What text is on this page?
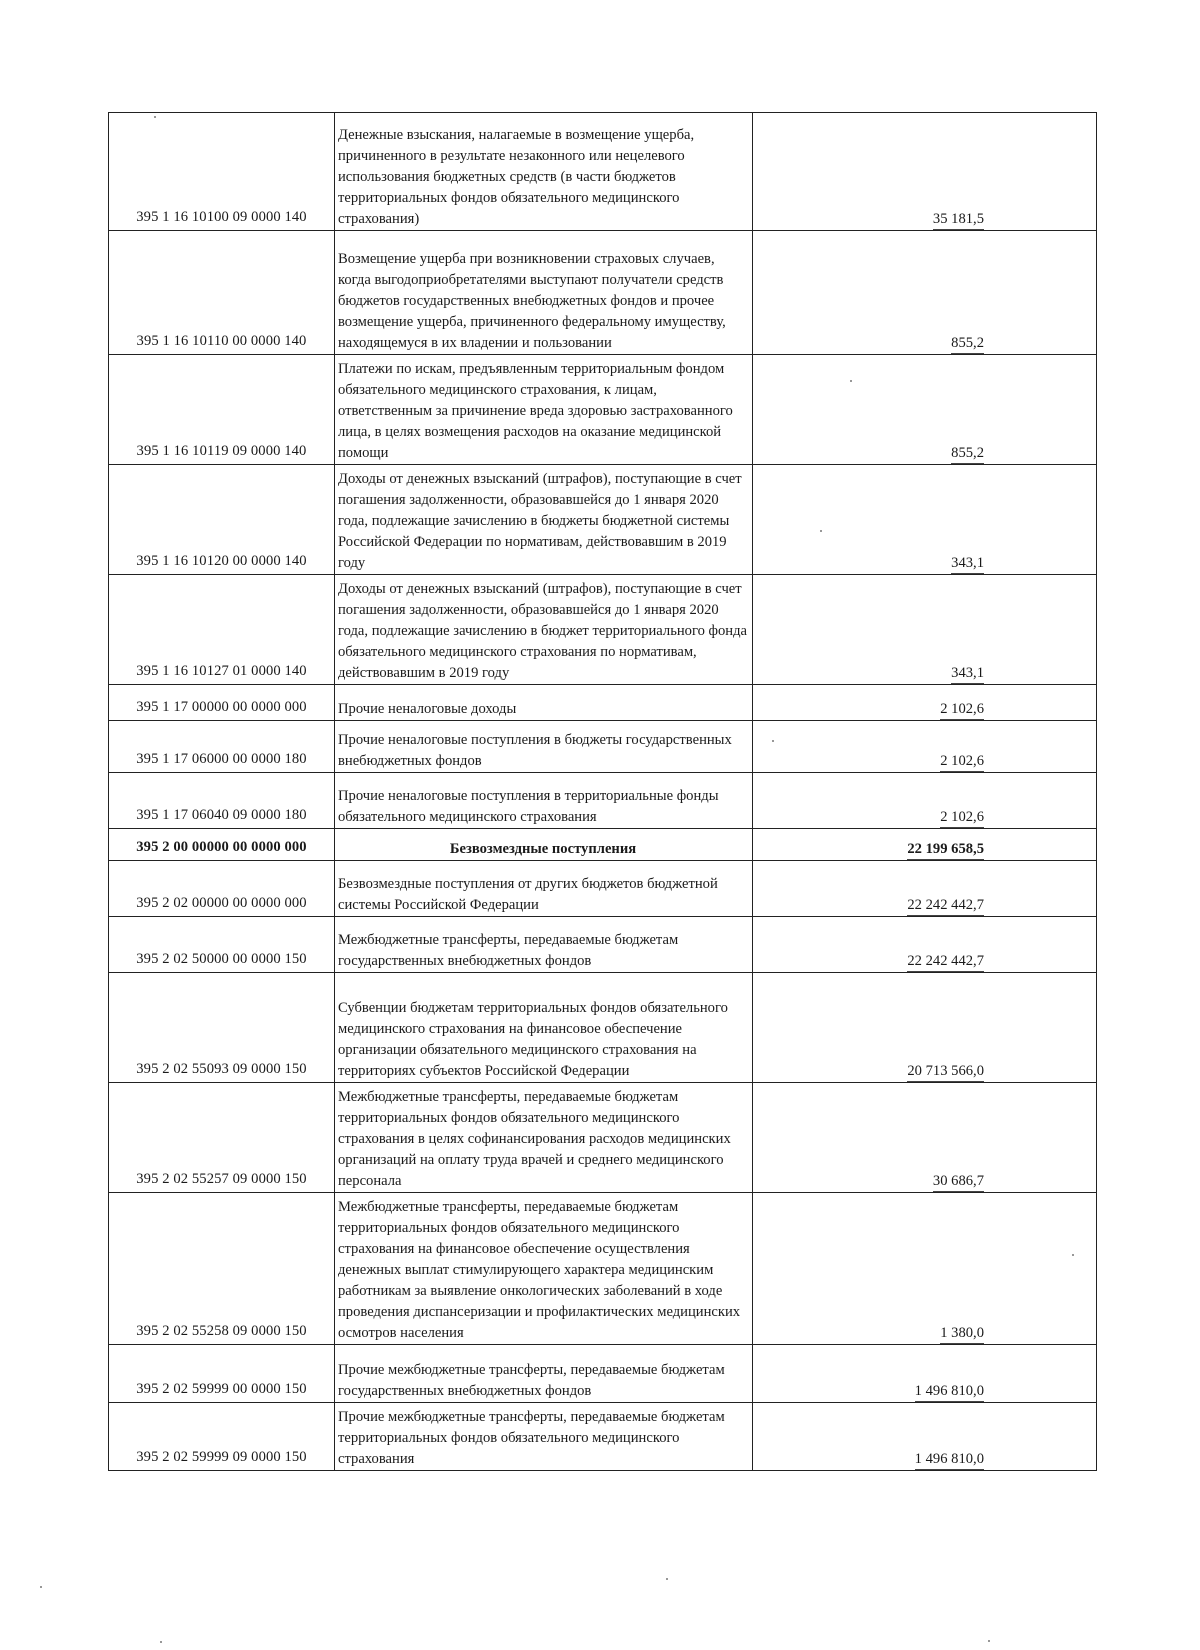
395 1 16 10100 09 0000 140	Денежные взыскания, налагаемые в возмещение ущерба, причиненного в результате незаконного или нецелевого использования бюджетных средств (в части бюджетов территориальных фондов обязательного медицинского страхования)	35 181,5
395 1 16 10110 00 0000 140	Возмещение ущерба при возникновении страховых случаев, когда выгодоприобретателями выступают получатели средств бюджетов государственных внебюджетных фондов и прочее возмещение ущерба, причиненного федеральному имуществу, находящемуся в их владении и пользовании	855,2
395 1 16 10119 09 0000 140	Платежи по искам, предъявленным территориальным фондом обязательного медицинского страхования, к лицам, ответственным за причинение вреда здоровью застрахованного лица, в целях возмещения расходов на оказание медицинской помощи	855,2
395 1 16 10120 00 0000 140	Доходы от денежных взысканий (штрафов), поступающие в счет погашения задолженности, образовавшейся до 1 января 2020 года, подлежащие зачислению в бюджеты бюджетной системы Российской Федерации по нормативам, действовавшим в 2019 году	343,1
395 1 16 10127 01 0000 140	Доходы от денежных взысканий (штрафов), поступающие в счет погашения задолженности, образовавшейся до 1 января 2020 года, подлежащие зачислению в бюджет территориального фонда обязательного медицинского страхования по нормативам, действовавшим в 2019 году	343,1
395 1 17 00000 00 0000 000	Прочие неналоговые доходы	2 102,6
395 1 17 06000 00 0000 180	Прочие неналоговые поступления в бюджеты государственных внебюджетных фондов	2 102,6
395 1 17 06040 09 0000 180	Прочие неналоговые поступления в территориальные фонды обязательного медицинского страхования	2 102,6
395 2 00 00000 00 0000 000	Безвозмездные поступления	22 199 658,5
395 2 02 00000 00 0000 000	Безвозмездные поступления от других бюджетов бюджетной системы Российской Федерации	22 242 442,7
395 2 02 50000 00 0000 150	Межбюджетные трансферты, передаваемые бюджетам государственных внебюджетных фондов	22 242 442,7
395 2 02 55093 09 0000 150	Субвенции бюджетам территориальных фондов обязательного медицинского страхования на финансовое обеспечение организации обязательного медицинского страхования на территориях субъектов Российской Федерации	20 713 566,0
395 2 02 55257 09 0000 150	Межбюджетные трансферты, передаваемые бюджетам территориальных фондов обязательного медицинского страхования в целях софинансирования расходов медицинских организаций на оплату труда врачей и среднего медицинского персонала	30 686,7
395 2 02 55258 09 0000 150	Межбюджетные трансферты, передаваемые бюджетам территориальных фондов обязательного медицинского страхования на финансовое обеспечение осуществления денежных выплат стимулирующего характера медицинским работникам за выявление онкологических заболеваний в ходе проведения диспансеризации и профилактических медицинских осмотров населения	1 380,0
395 2 02 59999 00 0000 150	Прочие межбюджетные трансферты, передаваемые бюджетам государственных внебюджетных фондов	1 496 810,0
395 2 02 59999 09 0000 150	Прочие межбюджетные трансферты, передаваемые бюджетам территориальных фондов обязательного медицинского страхования	1 496 810,0
